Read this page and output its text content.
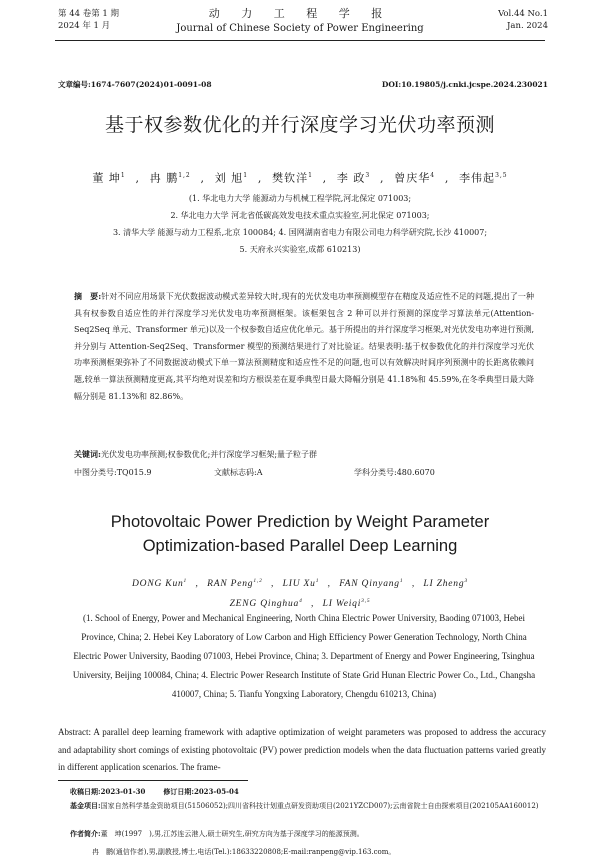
第 44 卷第 1 期
2024 年 1 月
动 力 工 程 学 报
Journal of Chinese Society of Power Engineering
Vol.44 No.1
Jan. 2024
文章编号:1674-7607(2024)01-0091-08	DOI:10.19805/j.cnki.jcspe.2024.230021
基于权参数优化的并行深度学习光伏功率预测
董 坤$^1$ , 冉 鹏$^{1,2}$ , 刘 旭$^1$ , 樊钦洋$^1$ , 李 政$^3$ , 曾庆华$^4$ , 李伟起$^{3,5}$
(1. 华北电力大学 能源动力与机械工程学院,河北保定 071003;
2. 华北电力大学 河北省低碳高效发电技术重点实验室,河北保定 071003;
3. 清华大学 能源与动力工程系,北京 100084; 4. 国网湖南省电力有限公司电力科学研究院,长沙 410007;
5. 天府永兴实验室,成都 610213)
摘　要:针对不同应用场景下光伏数据波动模式差异较大时,现有的光伏发电功率预测模型存在精度及适应性不足的问题,提出了一种具有权参数自适应性的并行深度学习光伏发电功率预测框架。该框架包含 2 种可以并行预测的深度学习算法单元(Attention-Seq2Seq 单元、Transformer 单元)以及一个权参数自适应优化单元。基于所提出的并行深度学习框架,对光伏发电功率进行预测,并分别与 Attention-Seq2Seq、Transformer 模型的预测结果进行了对比验证。结果表明:基于权参数优化的并行深度学习光伏功率预测框架弥补了不同数据波动模式下单一算法预测精度和适应性不足的问题,也可以有效解决时间序列预测中的长距离依赖问题,较单一算法预测精度更高,其平均绝对误差和均方根误差在夏季典型日最大降幅分别是 41.18%和 45.59%,在冬季典型日最大降幅分别是 81.13%和 82.86%。
关键词:光伏发电功率预测;权参数优化;并行深度学习框架;量子粒子群
中图分类号:TQ015.9	文献标志码:A	学科分类号:480.6070
Photovoltaic Power Prediction by Weight Parameter
Optimization-based Parallel Deep Learning
DONG Kun$^1$ , RAN Peng$^{1,2}$ , LIU Xu$^1$ , FAN Qinyang$^1$ , LI Zheng$^3$
ZENG Qinghua$^4$ , LI Weiqi$^{3,5}$
(1. School of Energy, Power and Mechanical Engineering, North China Electric Power University, Baoding 071003, Hebei Province, China; 2. Hebei Key Laboratory of Low Carbon and High Efficiency Power Generation Technology, North China Electric Power University, Baoding 071003, Hebei Province, China; 3. Department of Energy and Power Engineering, Tsinghua University, Beijing 100084, China; 4. Electric Power Research Institute of State Grid Hunan Electric Power Co., Ltd., Changsha 410007, China; 5. Tianfu Yongxing Laboratory, Chengdu 610213, China)
Abstract: A parallel deep learning framework with adaptive optimization of weight parameters was proposed to address the accuracy and adaptability short comings of existing photovoltaic (PV) power prediction models when the data fluctuation patterns varied greatly in different application scenarios. The frame-
收稿日期:2023-01-30	修订日期:2023-05-04
基金项目:国家自然科学基金资助项目(51506052);四川省科技计划重点研发资助项目(2021YZCD007);云南省院士自由探索项目(202105AA160012)
作者简介:董　坤(1997　),男,江苏连云港人,硕士研究生,研究方向为基于深度学习的能源预测。
冉　鹏(通信作者),男,副教授,博士,电话(Tel.):18633220808;E-mail:ranpeng@vip.163.com。
